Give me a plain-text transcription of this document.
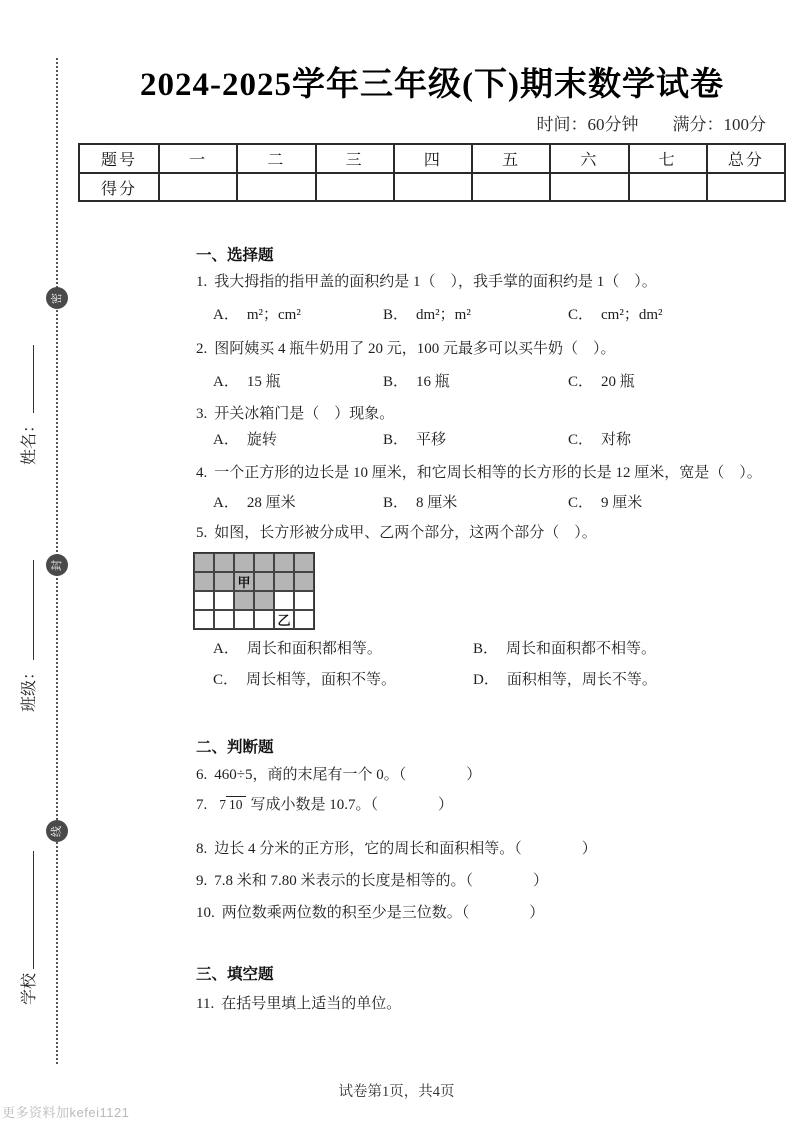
密
封
线
姓名：
班级：
学校
更多资料加kefei1121
2024-2025学年三年级(下)期末数学试卷
时间：60分钟 满分：100分
题号	一	二	三	四	五	六	七	总分
得分								
一、选择题
1. 我大拇指的指甲盖的面积约是 1（　），我手掌的面积约是 1（　）。
A． m²；cm²	B． dm²；m²	C． cm²；dm²
2. 图阿姨买 4 瓶牛奶用了 20 元，100 元最多可以买牛奶（　）。
A． 15 瓶	B． 16 瓶	C． 20 瓶
3. 开关冰箱门是（　）现象。
A． 旋转	B． 平移	C． 对称
4. 一个正方形的边长是 10 厘米，和它周长相等的长方形的长是 12 厘米，宽是（　）。
A． 28 厘米	B． 8 厘米	C． 9 厘米
5. 如图，长方形被分成甲、乙两个部分，这两个部分（　）。
甲
乙
A． 周长和面积都相等。	B． 周长和面积都不相等。
C． 周长相等，面积不等。	D． 面积相等，周长不等。
二、判断题
6. 460÷5，商的末尾有一个 0。（　　　　）
7. 7 10 写成小数是 10.7。（　　　　）
8. 边长 4 分米的正方形，它的周长和面积相等。（　　　　）
9. 7.8 米和 7.80 米表示的长度是相等的。（　　　　）
10. 两位数乘两位数的积至少是三位数。（　　　　）
三、填空题
11. 在括号里填上适当的单位。
试卷第1页，共4页
